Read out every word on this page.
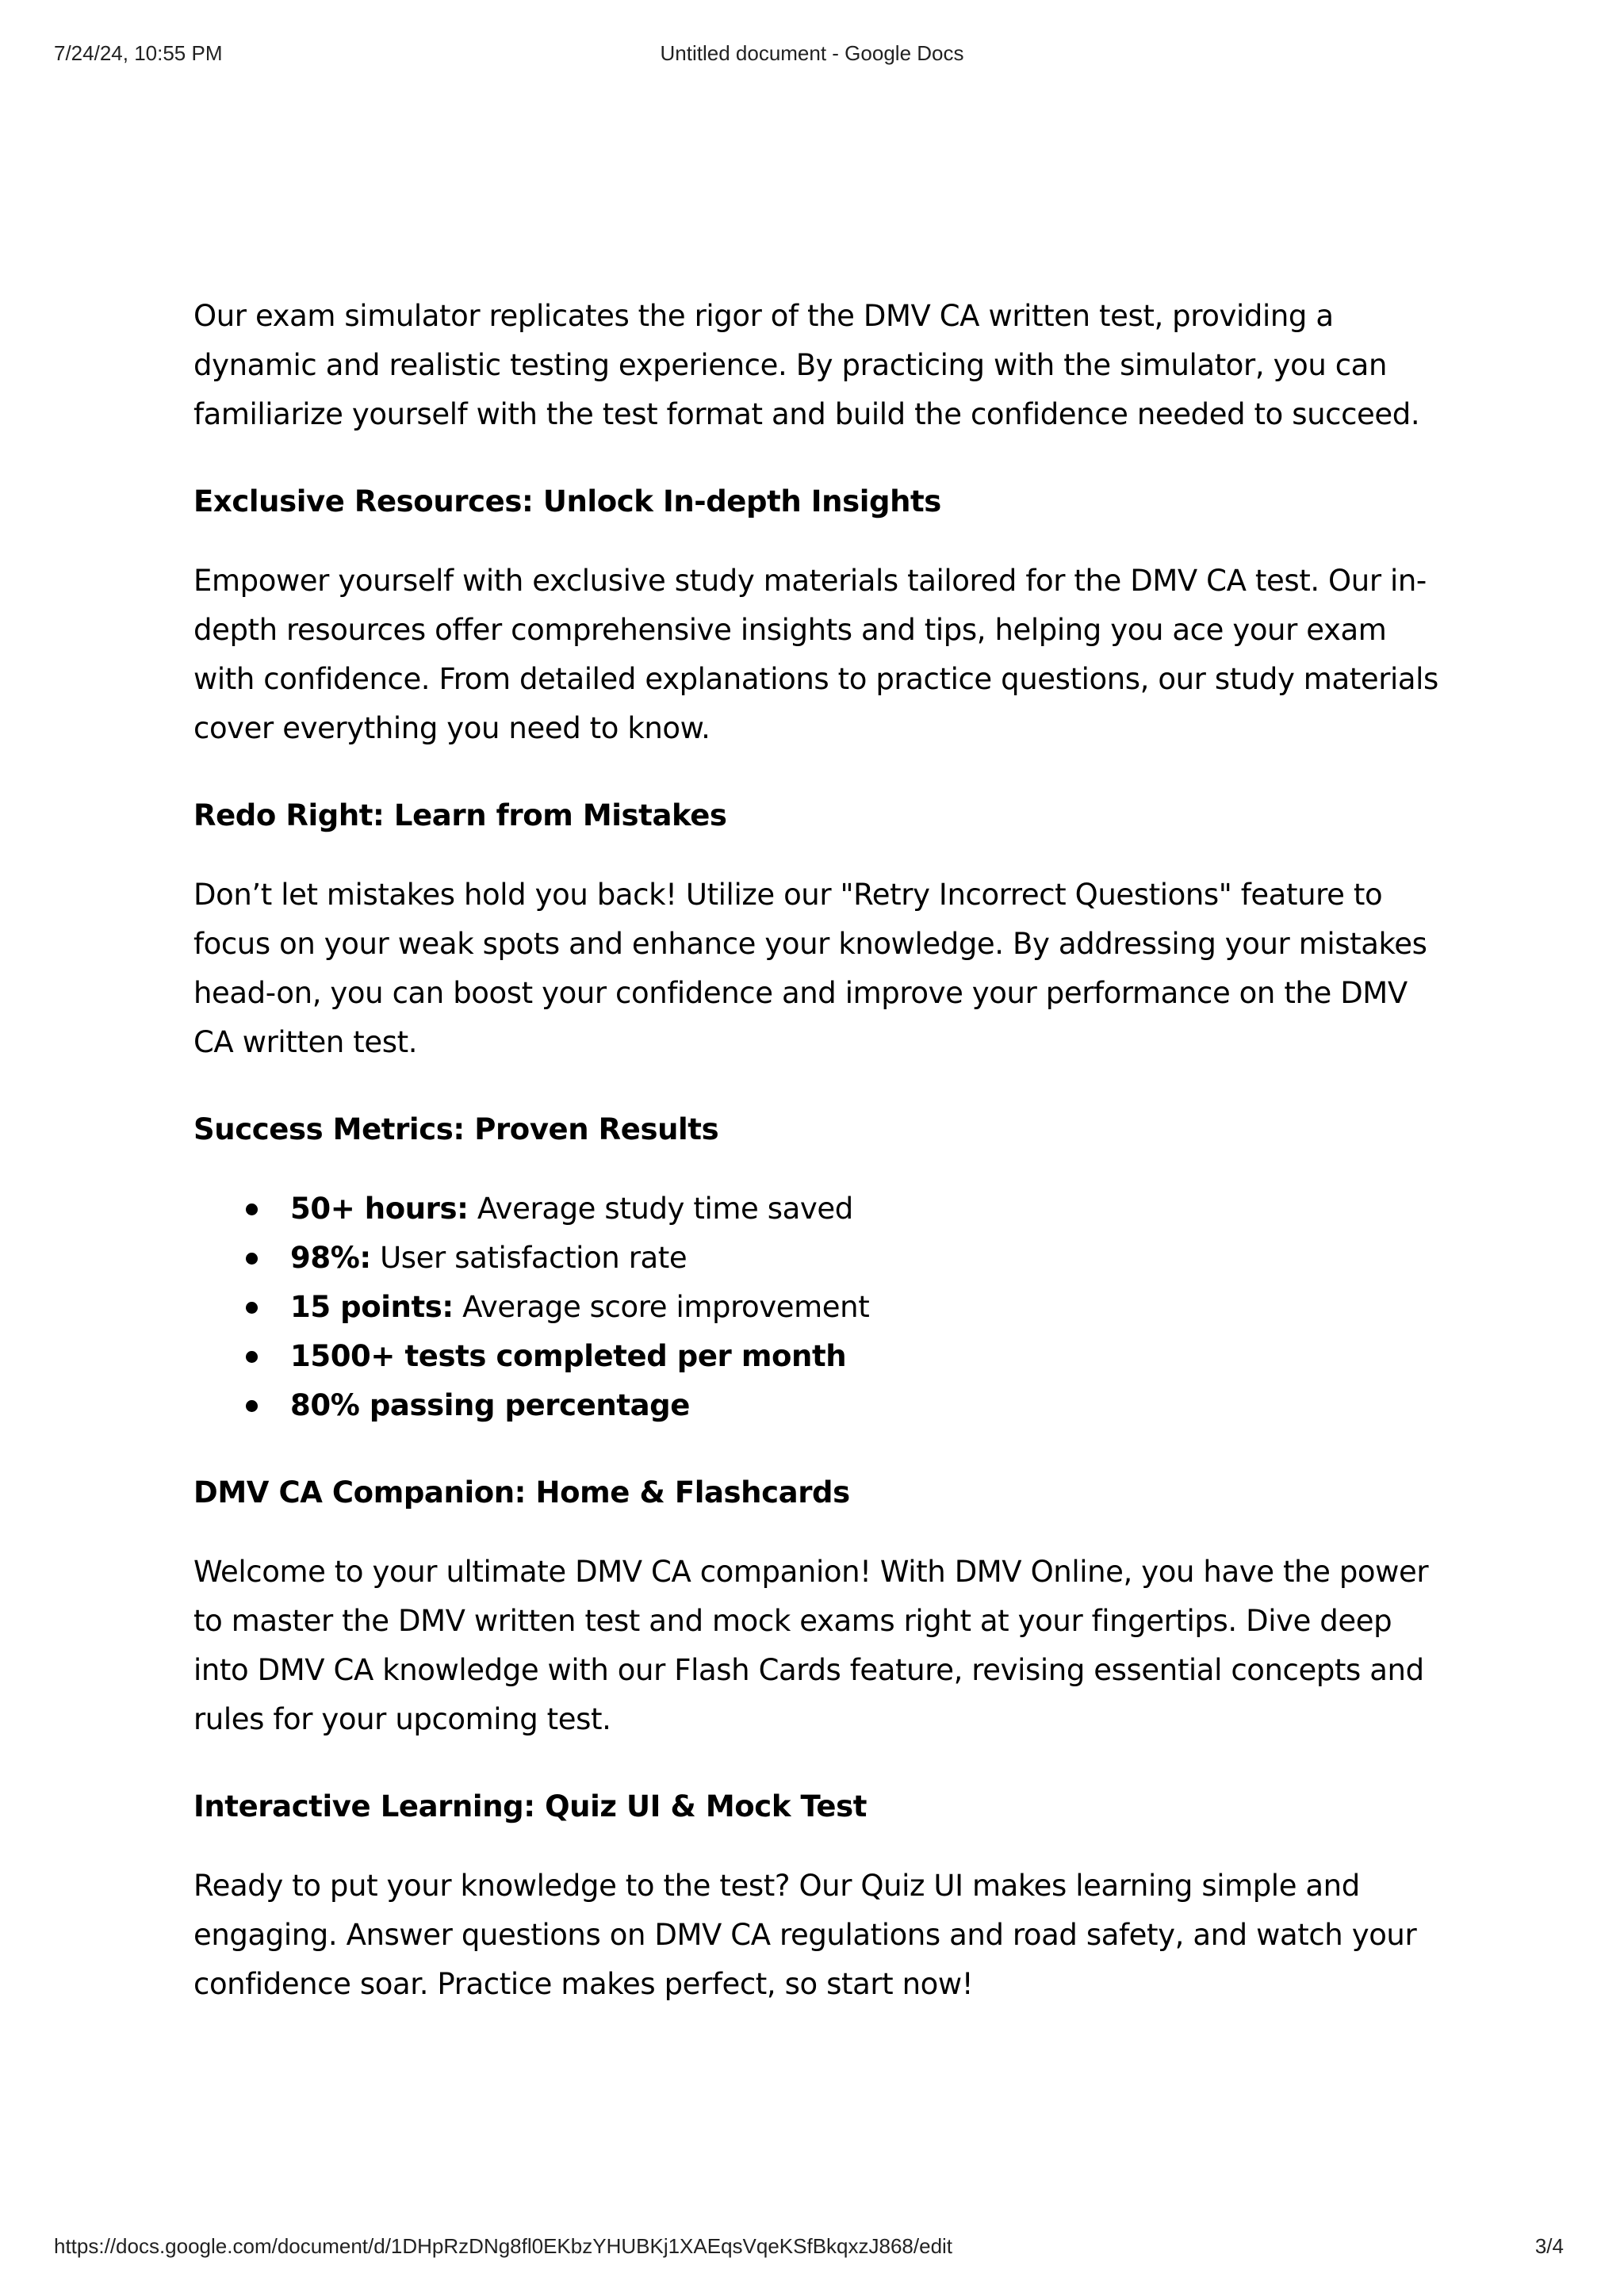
7/24/24, 10:55 PM	Untitled document - Google Docs

Our exam simulator replicates the rigor of the DMV CA written test, providing a dynamic and realistic testing experience. By practicing with the simulator, you can familiarize yourself with the test format and build the confidence needed to succeed.

Exclusive Resources: Unlock In-depth Insights

Empower yourself with exclusive study materials tailored for the DMV CA test. Our in-depth resources offer comprehensive insights and tips, helping you ace your exam with confidence. From detailed explanations to practice questions, our study materials cover everything you need to know.

Redo Right: Learn from Mistakes

Don’t let mistakes hold you back! Utilize our "Retry Incorrect Questions" feature to focus on your weak spots and enhance your knowledge. By addressing your mistakes head-on, you can boost your confidence and improve your performance on the DMV CA written test.

Success Metrics: Proven Results
50+ hours: Average study time saved
98%: User satisfaction rate
15 points: Average score improvement
1500+ tests completed per month
80% passing percentage
DMV CA Companion: Home & Flashcards

Welcome to your ultimate DMV CA companion! With DMV Online, you have the power to master the DMV written test and mock exams right at your fingertips. Dive deep into DMV CA knowledge with our Flash Cards feature, revising essential concepts and rules for your upcoming test.

Interactive Learning: Quiz UI & Mock Test

Ready to put your knowledge to the test? Our Quiz UI makes learning simple and engaging. Answer questions on DMV CA regulations and road safety, and watch your confidence soar. Practice makes perfect, so start now!

https://docs.google.com/document/d/1DHpRzDNg8fl0EKbzYHUBKj1XAEqsVqeKSfBkqxzJ868/edit	3/4
